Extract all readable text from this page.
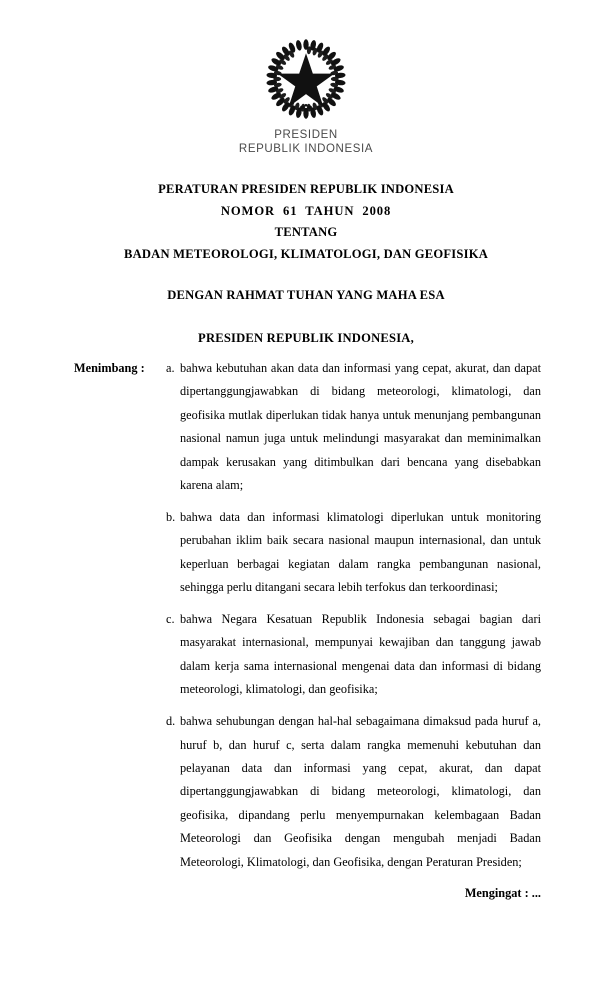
PRESIDEN
REPUBLIK INDONESIA
PERATURAN PRESIDEN REPUBLIK INDONESIA
NOMOR 61 TAHUN 2008
TENTANG
BADAN METEOROLOGI, KLIMATOLOGI, DAN GEOFISIKA
DENGAN RAHMAT TUHAN YANG MAHA ESA
PRESIDEN REPUBLIK INDONESIA,
Menimbang :	a. bahwa kebutuhan akan data dan informasi yang cepat, akurat, dan dapat dipertanggungjawabkan di bidang meteorologi, klimatologi, dan geofisika mutlak diperlukan tidak hanya untuk menunjang pembangunan nasional namun juga untuk melindungi masyarakat dan meminimalkan dampak kerusakan yang ditimbulkan dari bencana yang disebabkan karena alam;
b. bahwa data dan informasi klimatologi diperlukan untuk monitoring perubahan iklim baik secara nasional maupun internasional, dan untuk keperluan berbagai kegiatan dalam rangka pembangunan nasional, sehingga perlu ditangani secara lebih terfokus dan terkoordinasi;
c. bahwa Negara Kesatuan Republik Indonesia sebagai bagian dari masyarakat internasional, mempunyai kewajiban dan tanggung jawab dalam kerja sama internasional mengenai data dan informasi di bidang meteorologi, klimatologi, dan geofisika;
d. bahwa sehubungan dengan hal-hal sebagaimana dimaksud pada huruf a, huruf b, dan huruf c, serta dalam rangka memenuhi kebutuhan dan pelayanan data dan informasi yang cepat, akurat, dan dapat dipertanggungjawabkan di bidang meteorologi, klimatologi, dan geofisika, dipandang perlu menyempurnakan kelembagaan Badan Meteorologi dan Geofisika dengan mengubah menjadi Badan Meteorologi, Klimatologi, dan Geofisika, dengan Peraturan Presiden;
Mengingat : ...
